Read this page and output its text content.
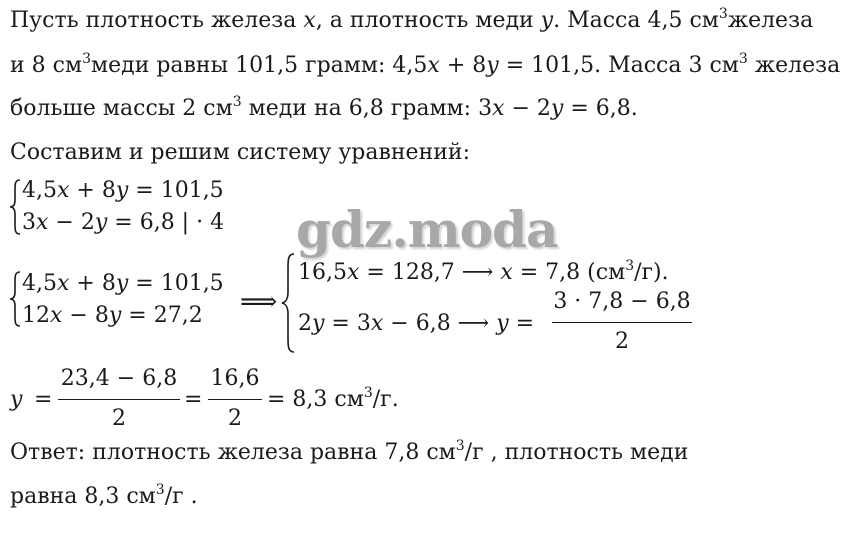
Пусть плотность железа x, а плотность меди y. Масса 4,5 $см^3железа$
и 8 $см^3меди$ равны 101,5 грамм: 4,5x + 8y = 101,5. Масса 3 $см^3$ железа
больше массы 2 $см^3$ меди на 6,8 грамм: 3x − 2y = 6,8.
Составим и решим систему уравнений:
4,5x + 8y = 101,5
3x − 2y = 6,8 | · 4 gdz.moda
4,5x + 8y = 101,5
12x − 8y = 27,2 ⟹
16,5x = 128,7 ⟶ x = 7,8 $(см^3/г)$.
2y = 3x − 6,8 ⟶ y =
3 · 7,8 − 6,8
2
y =
23,4 − 6,8
2
=
16,6
2
= 8,3 $см^3/г$.
Ответ: плотность железа равна 7,8 $см^3/г$ , плотность меди
равна 8,3 $см^3/г$ .
